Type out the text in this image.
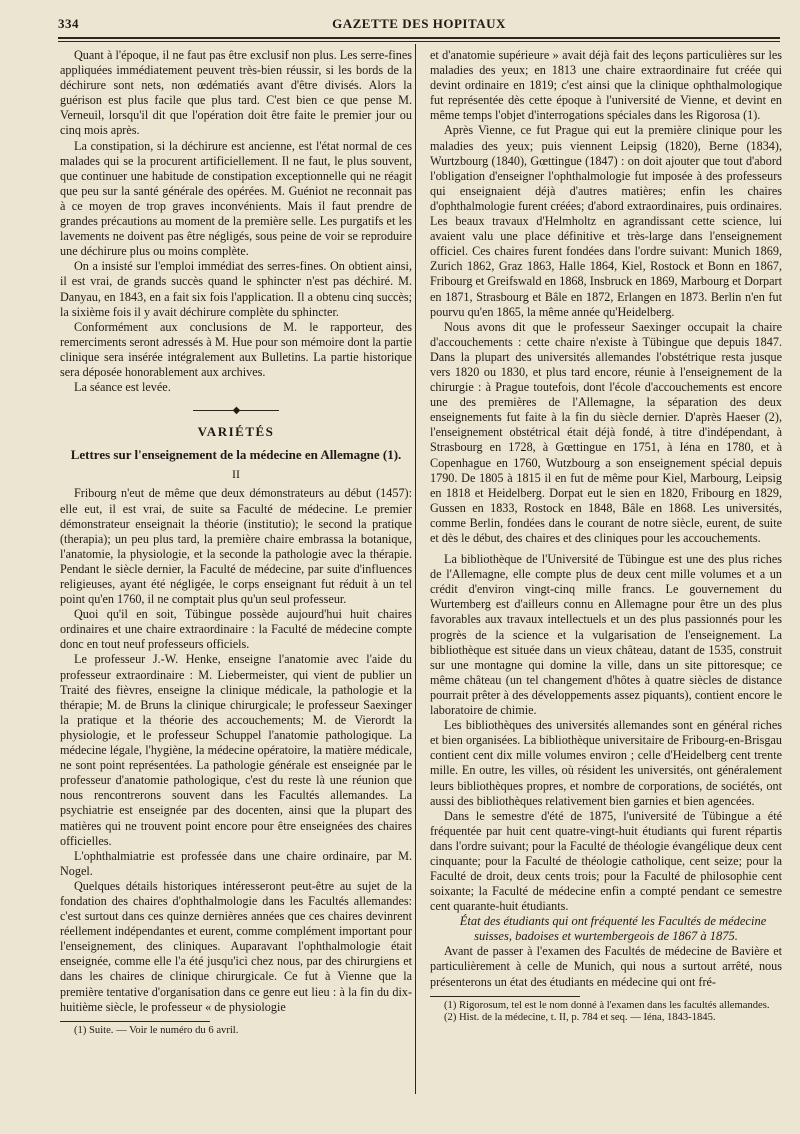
334	GAZETTE DES HOPITAUX

Quant à l'époque, il ne faut pas être exclusif non plus. Les serre-fines appliquées immédiatement peuvent très-bien réussir, si les bords de la déchirure sont nets, non œdématiés avant d'être divisés. Alors la guérison est plus facile que plus tard. C'est bien ce que pense M. Verneuil, lorsqu'il dit que l'opération doit être faite le premier jour ou cinq mois après.

La constipation, si la déchirure est ancienne, est l'état normal de ces malades qui se la procurent artificiellement. Il ne faut, le plus souvent, que continuer une habitude de constipation exceptionnelle qui ne réagit que peu sur la santé générale des opérées. M. Guéniot ne reconnait pas à ce moyen de trop graves inconvénients. Mais il faut prendre de grandes précautions au moment de la première selle. Les purgatifs et les lavements ne doivent pas être négligés, sous peine de voir se reproduire une déchirure plus ou moins complète.

On a insisté sur l'emploi immédiat des serres-fines. On obtient ainsi, il est vrai, de grands succès quand le sphincter n'est pas déchiré. M. Danyau, en 1843, en a fait six fois l'application. Il a obtenu cinq succès; la sixième fois il y avait déchirure complète du sphincter.

Conformément aux conclusions de M. le rapporteur, des remerciments seront adressés à M. Hue pour son mémoire dont la partie clinique sera insérée intégralement aux Bulletins. La partie historique sera déposée honorablement aux archives.

La séance est levée.

◆
VARIÉTÉS
Lettres sur l'enseignement de la médecine en Allemagne (1).
II

Fribourg n'eut de même que deux démonstrateurs au début (1457): elle eut, il est vrai, de suite sa Faculté de médecine. Le premier démonstrateur enseignait la théorie (institutio); le second la pratique (therapia); un peu plus tard, la première chaire embrassa la botanique, l'anatomie, la physiologie, et la seconde la pathologie avec la thérapie. Pendant le siècle dernier, la Faculté de médecine, par suite d'influences religieuses, ayant été négligée, le corps enseignant fut réduit à un tel point qu'en 1760, il ne comptait plus qu'un seul professeur.

Quoi qu'il en soit, Tübingue possède aujourd'hui huit chaires ordinaires et une chaire extraordinaire : la Faculté de médecine compte donc en tout neuf professeurs officiels.

Le professeur J.-W. Henke, enseigne l'anatomie avec l'aide du professeur extraordinaire : M. Liebermeister, qui vient de publier un Traité des fièvres, enseigne la clinique médicale, la pathologie et la thérapie; M. de Bruns la clinique chirurgicale; le professeur Saexinger la pratique et la théorie des accouchements; M. de Vierordt la physiologie, et le professeur Schuppel l'anatomie pathologique. La médecine légale, l'hygiène, la médecine opératoire, la matière médicale, ne sont point représentées. La pathologie générale est enseignée par le professeur d'anatomie pathologique, c'est du reste là une réunion que nous rencontrerons souvent dans les Facultés allemandes. La psychiatrie est enseignée par des docenten, ainsi que la plupart des matières qui ne trouvent point encore pour être enseignées des chaires officielles.

L'ophthalmiatrie est professée dans une chaire ordinaire, par M. Nogel.

Quelques détails historiques intéresseront peut-être au sujet de la fondation des chaires d'ophthalmologie dans les Facultés allemandes: c'est surtout dans ces quinze dernières années que ces chaires devinrent réellement indépendantes et eurent, comme complément important pour l'enseignement, des cliniques. Auparavant l'ophthalmologie était enseignée, comme elle l'a été jusqu'ici chez nous, par des chirurgiens et dans les chaires de clinique chirurgicale. Ce fut à Vienne que la première tentative d'organisation dans ce genre eut lieu : à la fin du dix-huitième siècle, le professeur « de physiologie

(1) Suite. — Voir le numéro du 6 avril.

et d'anatomie supérieure » avait déjà fait des leçons particulières sur les maladies des yeux; en 1813 une chaire extraordinaire fut créée qui devint ordinaire en 1819; c'est ainsi que la clinique ophthalmologique fut représentée dès cette époque à l'université de Vienne, et devint en même temps l'objet d'interrogations spéciales dans les Rigorosa (1).

Après Vienne, ce fut Prague qui eut la première clinique pour les maladies des yeux; puis viennent Leipsig (1820), Berne (1834), Wurtzbourg (1840), Gœttingue (1847) : on doit ajouter que tout d'abord l'obligation d'enseigner l'ophthalmologie fut imposée à des professeurs qui enseignaient déjà d'autres matières; enfin les chaires d'ophthalmologie furent créées; d'abord extraordinaires, puis ordinaires. Les beaux travaux d'Helmholtz en agrandissant cette science, lui avaient valu une place définitive et très-large dans l'enseignement officiel. Ces chaires furent fondées dans l'ordre suivant: Munich 1869, Zurich 1862, Graz 1863, Halle 1864, Kiel, Rostock et Bonn en 1867, Fribourg et Greifswald en 1868, Insbruck en 1869, Marbourg et Dorpart en 1871, Strasbourg et Bâle en 1872, Erlangen en 1873. Berlin n'en fut pourvu qu'en 1865, la même année qu'Heidelberg.

Nous avons dit que le professeur Saexinger occupait la chaire d'accouchements : cette chaire n'existe à Tübingue que depuis 1847. Dans la plupart des universités allemandes l'obstétrique resta jusque vers 1820 ou 1830, et plus tard encore, réunie à l'enseignement de la chirurgie : à Prague toutefois, dont l'école d'accouchements est encore une des premières de l'Allemagne, la séparation des deux enseignements fut faite à la fin du siècle dernier. D'après Haeser (2), l'enseignement obstétrical était déjà fondé, à titre d'indépendant, à Strasbourg en 1728, à Gœttingue en 1751, à Iéna en 1780, et à Copenhague en 1760, Wutzbourg a son enseignement spécial depuis 1790. De 1805 à 1815 il en fut de même pour Kiel, Marbourg, Leipsig en 1818 et Heidelberg. Dorpat eut le sien en 1820, Fribourg en 1829, Gussen en 1833, Rostock en 1848, Bâle en 1868. Les universités, comme Berlin, fondées dans le courant de notre siècle, eurent, de suite et dès le début, des chaires et des cliniques pour les accouchements.

La bibliothèque de l'Université de Tübingue est une des plus riches de l'Allemagne, elle compte plus de deux cent mille volumes et a un crédit d'environ vingt-cinq mille francs. Le gouvernement du Wurtemberg est d'ailleurs connu en Allemagne pour être un des plus favorables aux travaux intellectuels et un des plus passionnés pour les progrès de la science et la vulgarisation de l'enseignement. La bibliothèque est située dans un vieux château, datant de 1535, construit sur une montagne qui domine la ville, dans un site pittoresque; ce même château (un tel changement d'hôtes à quatre siècles de distance pourrait prêter à des développements assez piquants), contient encore le laboratoire de chimie.

Les bibliothèques des universités allemandes sont en général riches et bien organisées. La bibliothèque universitaire de Fribourg-en-Brisgau contient cent dix mille volumes environ ; celle d'Heidelberg cent trente mille. En outre, les villes, où résident les universités, ont généralement leurs bibliothèques propres, et nombre de corporations, de sociétés, ont aussi des bibliothèques relativement bien garnies et bien agencées.

Dans le semestre d'été de 1875, l'université de Tübingue a été fréquentée par huit cent quatre-vingt-huit étudiants qui furent répartis dans l'ordre suivant; pour la Faculté de théologie évangélique deux cent cinquante; pour la Faculté de théologie catholique, cent seize; pour la Faculté de droit, deux cents trois; pour la Faculté de philosophie cent soixante; la Faculté de médecine enfin a compté pendant ce semestre cent quarante-huit étudiants.

État des étudiants qui ont fréquenté les Facultés de médecine suisses, badoises et wurtembergeois de 1867 à 1875.

Avant de passer à l'examen des Facultés de médecine de Bavière et particulièrement à celle de Munich, qui nous a surtout arrêté, nous présenterons un état des étudiants en médecine qui ont fré-

(1) Rigorosum, tel est le nom donné à l'examen dans les facultés allemandes.

(2) Hist. de la médecine, t. II, p. 784 et seq. — Iéna, 1843-1845.
